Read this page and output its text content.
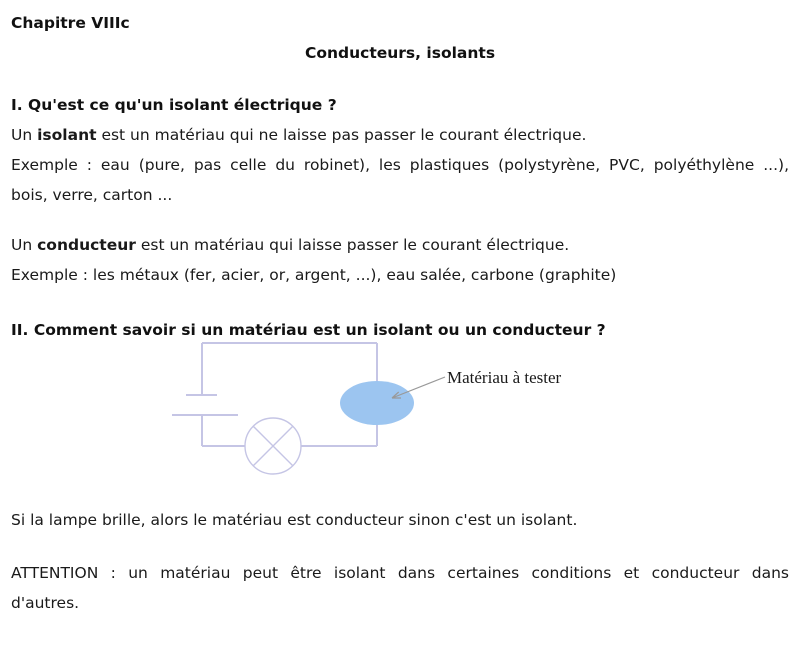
Chapitre VIIIc
Conducteurs, isolants
I. Qu'est ce qu'un isolant électrique ?
Un isolant est un matériau qui ne laisse pas passer le courant électrique.
Exemple : eau (pure, pas celle du robinet), les plastiques (polystyrène, PVC, polyéthylène ...),
bois, verre, carton ...
Un conducteur est un matériau qui laisse passer le courant électrique.
Exemple : les métaux (fer, acier, or, argent, ...), eau salée, carbone (graphite)
II. Comment savoir si un matériau est un isolant ou un conducteur ?
Matériau à tester
Si la lampe brille, alors le matériau est conducteur sinon c'est un isolant.
ATTENTION : un matériau peut être isolant dans certaines conditions et conducteur dans
d'autres.
